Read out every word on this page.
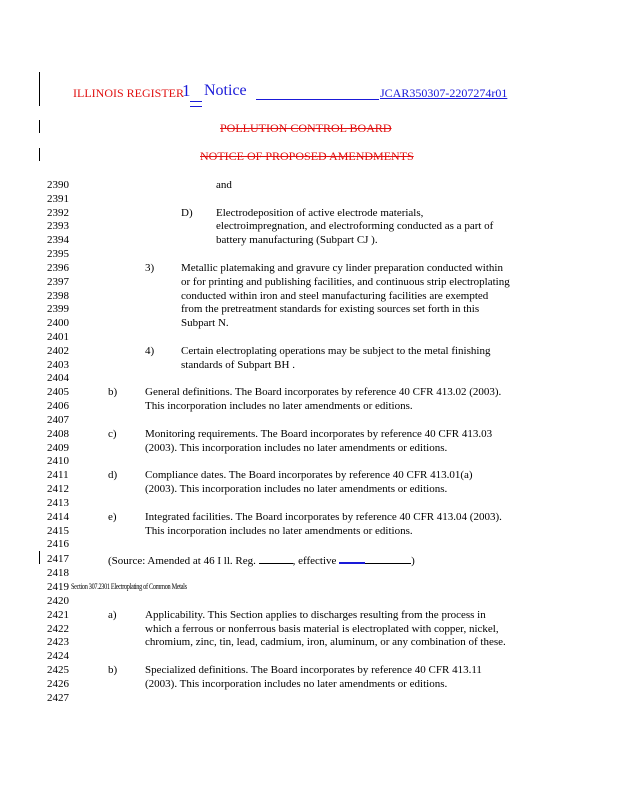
ILLINOIS REGISTER
1 Notice	JCAR350307-2207274r01
POLLUTION CONTROL BOARD
NOTICE OF PROPOSED AMENDMENTS
2390	and
2391
2392	D) Electrodeposition of active electrode materials,
2393	electroimpregnation, and electroforming conducted as a part of
2394	battery manufacturing (Subpart CJ ).
2395
2396	3) Metallic platemaking and gravure cy linder preparation conducted within
2397	or for printing and publishing facilities, and continuous strip electroplating
2398	conducted within iron and steel manufacturing facilities are exempted
2399	from the pretreatment standards for existing sources set forth in this
2400	Subpart N.
2401
2402	4) Certain electroplating operations may be subject to the metal finishing
2403	standards of Subpart BH .
2404
2405	b)	General definitions. The Board incorporates by reference 40 CFR 413.02 (2003).
2406	This incorporation includes no later amendments or editions.
2407
2408	c)	Monitoring requirements. The Board incorporates by reference 40 CFR 413.03
2409	(2003). This incorporation includes no later amendments or editions.
2410
2411	d)	Compliance dates. The Board incorporates by reference 40 CFR 413.01(a)
2412	(2003). This incorporation includes no later amendments or editions.
2413
2414	e)	Integrated facilities. The Board incorporates by reference 40 CFR 413.04 (2003).
2415	This incorporation includes no later amendments or editions.
2416
2417	(Source: Amended at 46 I ll. Reg.	, effective	)
2418
2419 Section 307.2301 Electroplating of Common Metals
2420
2421	a)	Applicability. This Section applies to discharges resulting from the process in
2422	which a ferrous or nonferrous basis material is electroplated with copper, nickel,
2423	chromium, zinc, tin, lead, cadmium, iron, aluminum, or any combination of these.
2424
2425	b)	Specialized definitions. The Board incorporates by reference 40 CFR 413.11
2426	(2003). This incorporation includes no later amendments or editions.
2427
